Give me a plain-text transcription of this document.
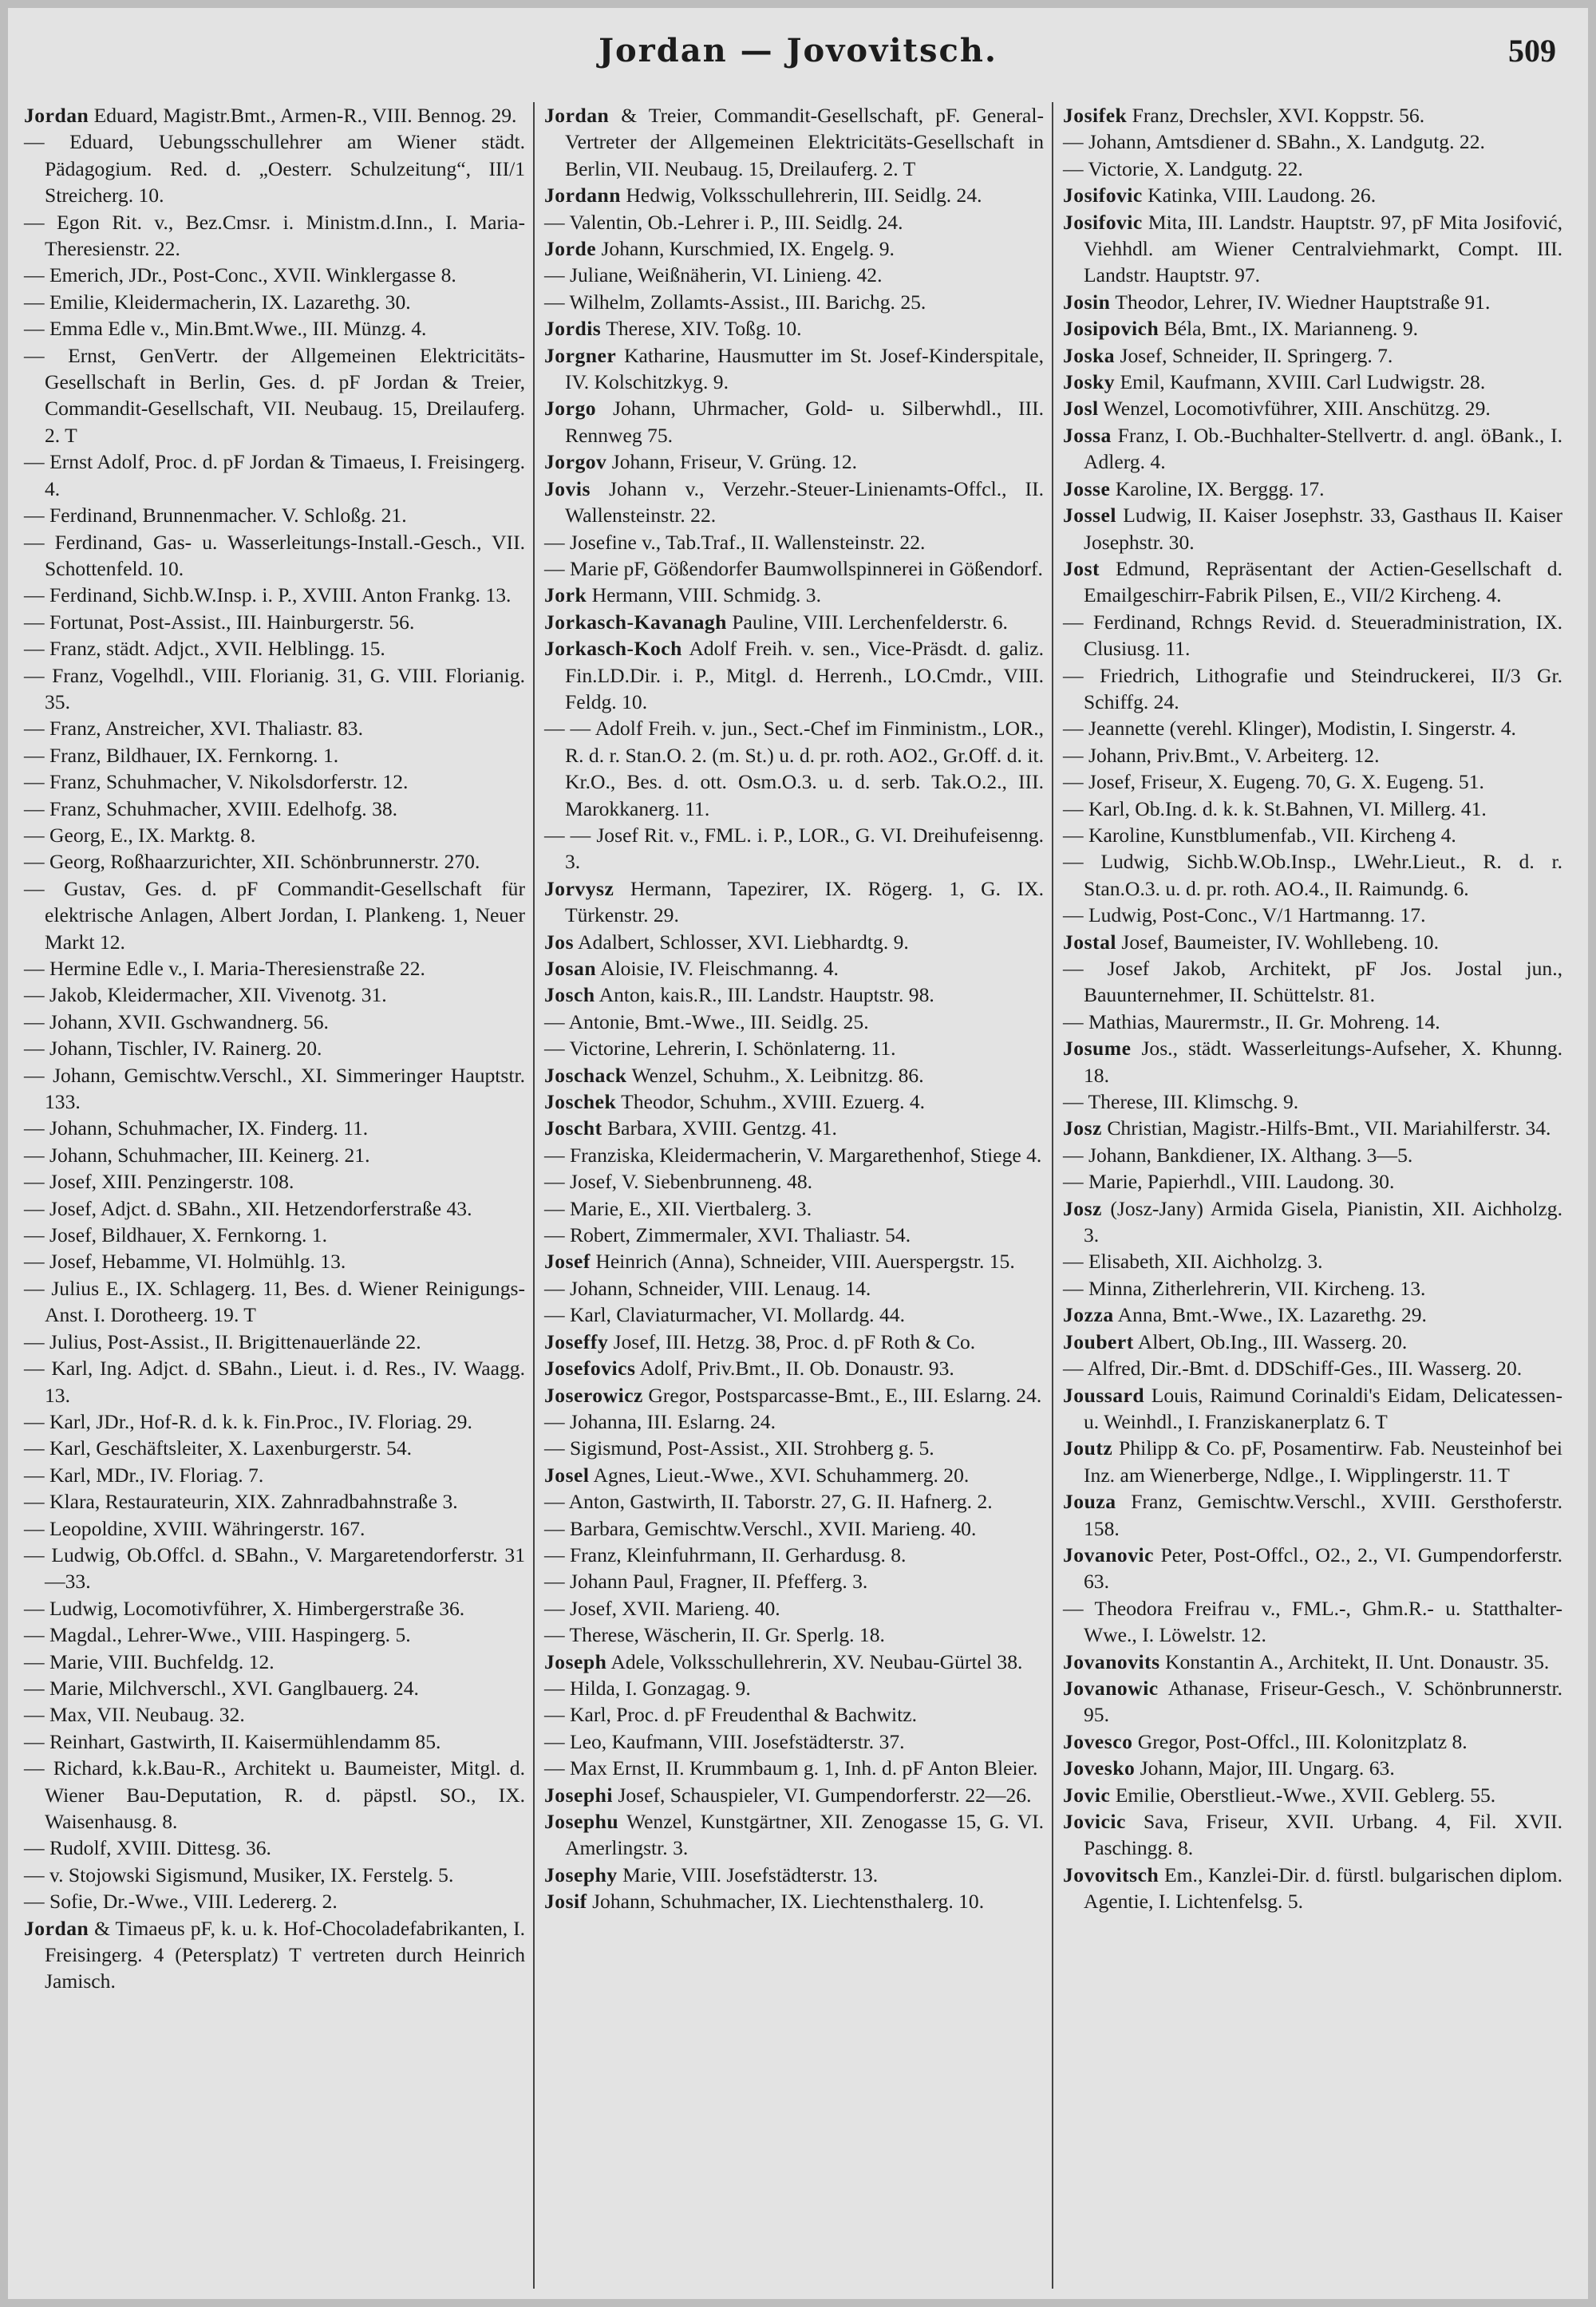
Jordan — Jovovitsch.	509

Jordan Eduard, Magistr.Bmt., Armen-R., VIII. Bennog. 29.

— Eduard, Uebungsschullehrer am Wiener städt. Pädagogium. Red. d. „Oesterr. Schulzeitung“, III/1 Streicherg. 10.

— Egon Rit. v., Bez.Cmsr. i. Ministm.d.Inn., I. Maria-Theresienstr. 22.

— Emerich, JDr., Post-Conc., XVII. Winklergasse 8.

— Emilie, Kleidermacherin, IX. Lazarethg. 30.

— Emma Edle v., Min.Bmt.Wwe., III. Münzg. 4.

— Ernst, GenVertr. der Allgemeinen Elektricitäts-Gesellschaft in Berlin, Ges. d. pF Jordan & Treier, Commandit-Gesellschaft, VII. Neubaug. 15, Dreilauferg. 2. T

— Ernst Adolf, Proc. d. pF Jordan & Timaeus, I. Freisingerg. 4.

— Ferdinand, Brunnenmacher. V. Schloßg. 21.

— Ferdinand, Gas- u. Wasserleitungs-Install.-Gesch., VII. Schottenfeld. 10.

— Ferdinand, Sichb.W.Insp. i. P., XVIII. Anton Frankg. 13.

— Fortunat, Post-Assist., III. Hainburgerstr. 56.

— Franz, städt. Adjct., XVII. Helblingg. 15.

— Franz, Vogelhdl., VIII. Florianig. 31, G. VIII. Florianig. 35.

— Franz, Anstreicher, XVI. Thaliastr. 83.

— Franz, Bildhauer, IX. Fernkorng. 1.

— Franz, Schuhmacher, V. Nikolsdorferstr. 12.

— Franz, Schuhmacher, XVIII. Edelhofg. 38.

— Georg, E., IX. Marktg. 8.

— Georg, Roßhaarzurichter, XII. Schönbrunnerstr. 270.

— Gustav, Ges. d. pF Commandit-Gesellschaft für elektrische Anlagen, Albert Jordan, I. Plankeng. 1, Neuer Markt 12.

— Hermine Edle v., I. Maria-Theresienstraße 22.

— Jakob, Kleidermacher, XII. Vivenotg. 31.

— Johann, XVII. Gschwandnerg. 56.

— Johann, Tischler, IV. Rainerg. 20.

— Johann, Gemischtw.Verschl., XI. Simmeringer Hauptstr. 133.

— Johann, Schuhmacher, IX. Finderg. 11.

— Johann, Schuhmacher, III. Keinerg. 21.

— Josef, XIII. Penzingerstr. 108.

— Josef, Adjct. d. SBahn., XII. Hetzendorferstraße 43.

— Josef, Bildhauer, X. Fernkorng. 1.

— Josef, Hebamme, VI. Holmühlg. 13.

— Julius E., IX. Schlagerg. 11, Bes. d. Wiener Reinigungs-Anst. I. Dorotheerg. 19. T

— Julius, Post-Assist., II. Brigittenauerlände 22.

— Karl, Ing. Adjct. d. SBahn., Lieut. i. d. Res., IV. Waagg. 13.

— Karl, JDr., Hof-R. d. k. k. Fin.Proc., IV. Floriag. 29.

— Karl, Geschäftsleiter, X. Laxenburgerstr. 54.

— Karl, MDr., IV. Floriag. 7.

— Klara, Restaurateurin, XIX. Zahnradbahnstraße 3.

— Leopoldine, XVIII. Währingerstr. 167.

— Ludwig, Ob.Offcl. d. SBahn., V. Margaretendorferstr. 31—33.

— Ludwig, Locomotivführer, X. Himbergerstraße 36.

— Magdal., Lehrer-Wwe., VIII. Haspingerg. 5.

— Marie, VIII. Buchfeldg. 12.

— Marie, Milchverschl., XVI. Ganglbauerg. 24.

— Max, VII. Neubaug. 32.

— Reinhart, Gastwirth, II. Kaisermühlendamm 85.

— Richard, k.k.Bau-R., Architekt u. Baumeister, Mitgl. d. Wiener Bau-Deputation, R. d. päpstl. SO., IX. Waisenhausg. 8.

— Rudolf, XVIII. Dittesg. 36.

— v. Stojowski Sigismund, Musiker, IX. Ferstelg. 5.

— Sofie, Dr.-Wwe., VIII. Ledererg. 2.

Jordan & Timaeus pF, k. u. k. Hof-Chocoladefabrikanten, I. Freisingerg. 4 (Petersplatz) T vertreten durch Heinrich Jamisch.

Jordan & Treier, Commandit-Gesellschaft, pF. General-Vertreter der Allgemeinen Elektricitäts-Gesellschaft in Berlin, VII. Neubaug. 15, Dreilauferg. 2. T

Jordann Hedwig, Volksschullehrerin, III. Seidlg. 24.

— Valentin, Ob.-Lehrer i. P., III. Seidlg. 24.

Jorde Johann, Kurschmied, IX. Engelg. 9.

— Juliane, Weißnäherin, VI. Linieng. 42.

— Wilhelm, Zollamts-Assist., III. Barichg. 25.

Jordis Therese, XIV. Toßg. 10.

Jorgner Katharine, Hausmutter im St. Josef-Kinderspitale, IV. Kolschitzkyg. 9.

Jorgo Johann, Uhrmacher, Gold- u. Silberwhdl., III. Rennweg 75.

Jorgov Johann, Friseur, V. Grüng. 12.

Jovis Johann v., Verzehr.-Steuer-Linienamts-Offcl., II. Wallensteinstr. 22.

— Josefine v., Tab.Traf., II. Wallensteinstr. 22.

— Marie pF, Gößendorfer Baumwollspinnerei in Gößendorf.

Jork Hermann, VIII. Schmidg. 3.

Jorkasch-Kavanagh Pauline, VIII. Lerchenfelderstr. 6.

Jorkasch-Koch Adolf Freih. v. sen., Vice-Präsdt. d. galiz. Fin.LD.Dir. i. P., Mitgl. d. Herrenh., LO.Cmdr., VIII. Feldg. 10.

— — Adolf Freih. v. jun., Sect.-Chef im Finministm., LOR., R. d. r. Stan.O. 2. (m. St.) u. d. pr. roth. AO2., Gr.Off. d. it. Kr.O., Bes. d. ott. Osm.O.3. u. d. serb. Tak.O.2., III. Marokkanerg. 11.

— — Josef Rit. v., FML. i. P., LOR., G. VI. Dreihufeisenng. 3.

Jorvysz Hermann, Tapezirer, IX. Rögerg. 1, G. IX. Türkenstr. 29.

Jos Adalbert, Schlosser, XVI. Liebhardtg. 9.

Josan Aloisie, IV. Fleischmanng. 4.

Josch Anton, kais.R., III. Landstr. Hauptstr. 98.

— Antonie, Bmt.-Wwe., III. Seidlg. 25.

— Victorine, Lehrerin, I. Schönlaterng. 11.

Joschack Wenzel, Schuhm., X. Leibnitzg. 86.

Joschek Theodor, Schuhm., XVIII. Ezuerg. 4.

Joscht Barbara, XVIII. Gentzg. 41.

— Franziska, Kleidermacherin, V. Margarethenhof, Stiege 4.

— Josef, V. Siebenbrunneng. 48.

— Marie, E., XII. Viertbalerg. 3.

— Robert, Zimmermaler, XVI. Thaliastr. 54.

Josef Heinrich (Anna), Schneider, VIII. Auerspergstr. 15.

— Johann, Schneider, VIII. Lenaug. 14.

— Karl, Claviaturmacher, VI. Mollardg. 44.

Joseffy Josef, III. Hetzg. 38, Proc. d. pF Roth & Co.

Josefovics Adolf, Priv.Bmt., II. Ob. Donaustr. 93.

Joserowicz Gregor, Postsparcasse-Bmt., E., III. Eslarng. 24.

— Johanna, III. Eslarng. 24.

— Sigismund, Post-Assist., XII. Strohberg g. 5.

Josel Agnes, Lieut.-Wwe., XVI. Schuhammerg. 20.

— Anton, Gastwirth, II. Taborstr. 27, G. II. Hafnerg. 2.

— Barbara, Gemischtw.Verschl., XVII. Marieng. 40.

— Franz, Kleinfuhrmann, II. Gerhardusg. 8.

— Johann Paul, Fragner, II. Pfefferg. 3.

— Josef, XVII. Marieng. 40.

— Therese, Wäscherin, II. Gr. Sperlg. 18.

Joseph Adele, Volksschullehrerin, XV. Neubau-Gürtel 38.

— Hilda, I. Gonzagag. 9.

— Karl, Proc. d. pF Freudenthal & Bachwitz.

— Leo, Kaufmann, VIII. Josefstädterstr. 37.

— Max Ernst, II. Krummbaum g. 1, Inh. d. pF Anton Bleier.

Josephi Josef, Schauspieler, VI. Gumpendorferstr. 22—26.

Josephu Wenzel, Kunstgärtner, XII. Zenogasse 15, G. VI. Amerlingstr. 3.

Josephy Marie, VIII. Josefstädterstr. 13.

Josif Johann, Schuhmacher, IX. Liechtensthalerg. 10.

Josifek Franz, Drechsler, XVI. Koppstr. 56.

— Johann, Amtsdiener d. SBahn., X. Landgutg. 22.

— Victorie, X. Landgutg. 22.

Josifovic Katinka, VIII. Laudong. 26.

Josifovic Mita, III. Landstr. Hauptstr. 97, pF Mita Josifović, Viehhdl. am Wiener Centralviehmarkt, Compt. III. Landstr. Hauptstr. 97.

Josin Theodor, Lehrer, IV. Wiedner Hauptstraße 91.

Josipovich Béla, Bmt., IX. Marianneng. 9.

Joska Josef, Schneider, II. Springerg. 7.

Josky Emil, Kaufmann, XVIII. Carl Ludwigstr. 28.

Josl Wenzel, Locomotivführer, XIII. Anschützg. 29.

Jossa Franz, I. Ob.-Buchhalter-Stellvertr. d. angl. öBank., I. Adlerg. 4.

Josse Karoline, IX. Berggg. 17.

Jossel Ludwig, II. Kaiser Josephstr. 33, Gasthaus II. Kaiser Josephstr. 30.

Jost Edmund, Repräsentant der Actien-Gesellschaft d. Emailgeschirr-Fabrik Pilsen, E., VII/2 Kircheng. 4.

— Ferdinand, Rchngs Revid. d. Steueradministration, IX. Clusiusg. 11.

— Friedrich, Lithografie und Steindruckerei, II/3 Gr. Schiffg. 24.

— Jeannette (verehl. Klinger), Modistin, I. Singerstr. 4.

— Johann, Priv.Bmt., V. Arbeiterg. 12.

— Josef, Friseur, X. Eugeng. 70, G. X. Eugeng. 51.

— Karl, Ob.Ing. d. k. k. St.Bahnen, VI. Millerg. 41.

— Karoline, Kunstblumenfab., VII. Kircheng 4.

— Ludwig, Sichb.W.Ob.Insp., LWehr.Lieut., R. d. r. Stan.O.3. u. d. pr. roth. AO.4., II. Raimundg. 6.

— Ludwig, Post-Conc., V/1 Hartmanng. 17.

Jostal Josef, Baumeister, IV. Wohllebeng. 10.

— Josef Jakob, Architekt, pF Jos. Jostal jun., Bauunternehmer, II. Schüttelstr. 81.

— Mathias, Maurermstr., II. Gr. Mohreng. 14.

Josume Jos., städt. Wasserleitungs-Aufseher, X. Khunng. 18.

— Therese, III. Klimschg. 9.

Josz Christian, Magistr.-Hilfs-Bmt., VII. Mariahilferstr. 34.

— Johann, Bankdiener, IX. Althang. 3—5.

— Marie, Papierhdl., VIII. Laudong. 30.

Josz (Josz-Jany) Armida Gisela, Pianistin, XII. Aichholzg. 3.

— Elisabeth, XII. Aichholzg. 3.

— Minna, Zitherlehrerin, VII. Kircheng. 13.

Jozza Anna, Bmt.-Wwe., IX. Lazarethg. 29.

Joubert Albert, Ob.Ing., III. Wasserg. 20.

— Alfred, Dir.-Bmt. d. DDSchiff-Ges., III. Wasserg. 20.

Joussard Louis, Raimund Corinaldi's Eidam, Delicatessen- u. Weinhdl., I. Franziskanerplatz 6. T

Joutz Philipp & Co. pF, Posamentirw. Fab. Neusteinhof bei Inz. am Wienerberge, Ndlge., I. Wipplingerstr. 11. T

Jouza Franz, Gemischtw.Verschl., XVIII. Gersthoferstr. 158.

Jovanovic Peter, Post-Offcl., O2., 2., VI. Gumpendorferstr. 63.

— Theodora Freifrau v., FML.-, Ghm.R.- u. Statthalter-Wwe., I. Löwelstr. 12.

Jovanovits Konstantin A., Architekt, II. Unt. Donaustr. 35.

Jovanowic Athanase, Friseur-Gesch., V. Schönbrunnerstr. 95.

Jovesco Gregor, Post-Offcl., III. Kolonitzplatz 8.

Jovesko Johann, Major, III. Ungarg. 63.

Jovic Emilie, Oberstlieut.-Wwe., XVII. Geblerg. 55.

Jovicic Sava, Friseur, XVII. Urbang. 4, Fil. XVII. Paschingg. 8.

Jovovitsch Em., Kanzlei-Dir. d. fürstl. bulgarischen diplom. Agentie, I. Lichtenfelsg. 5.
